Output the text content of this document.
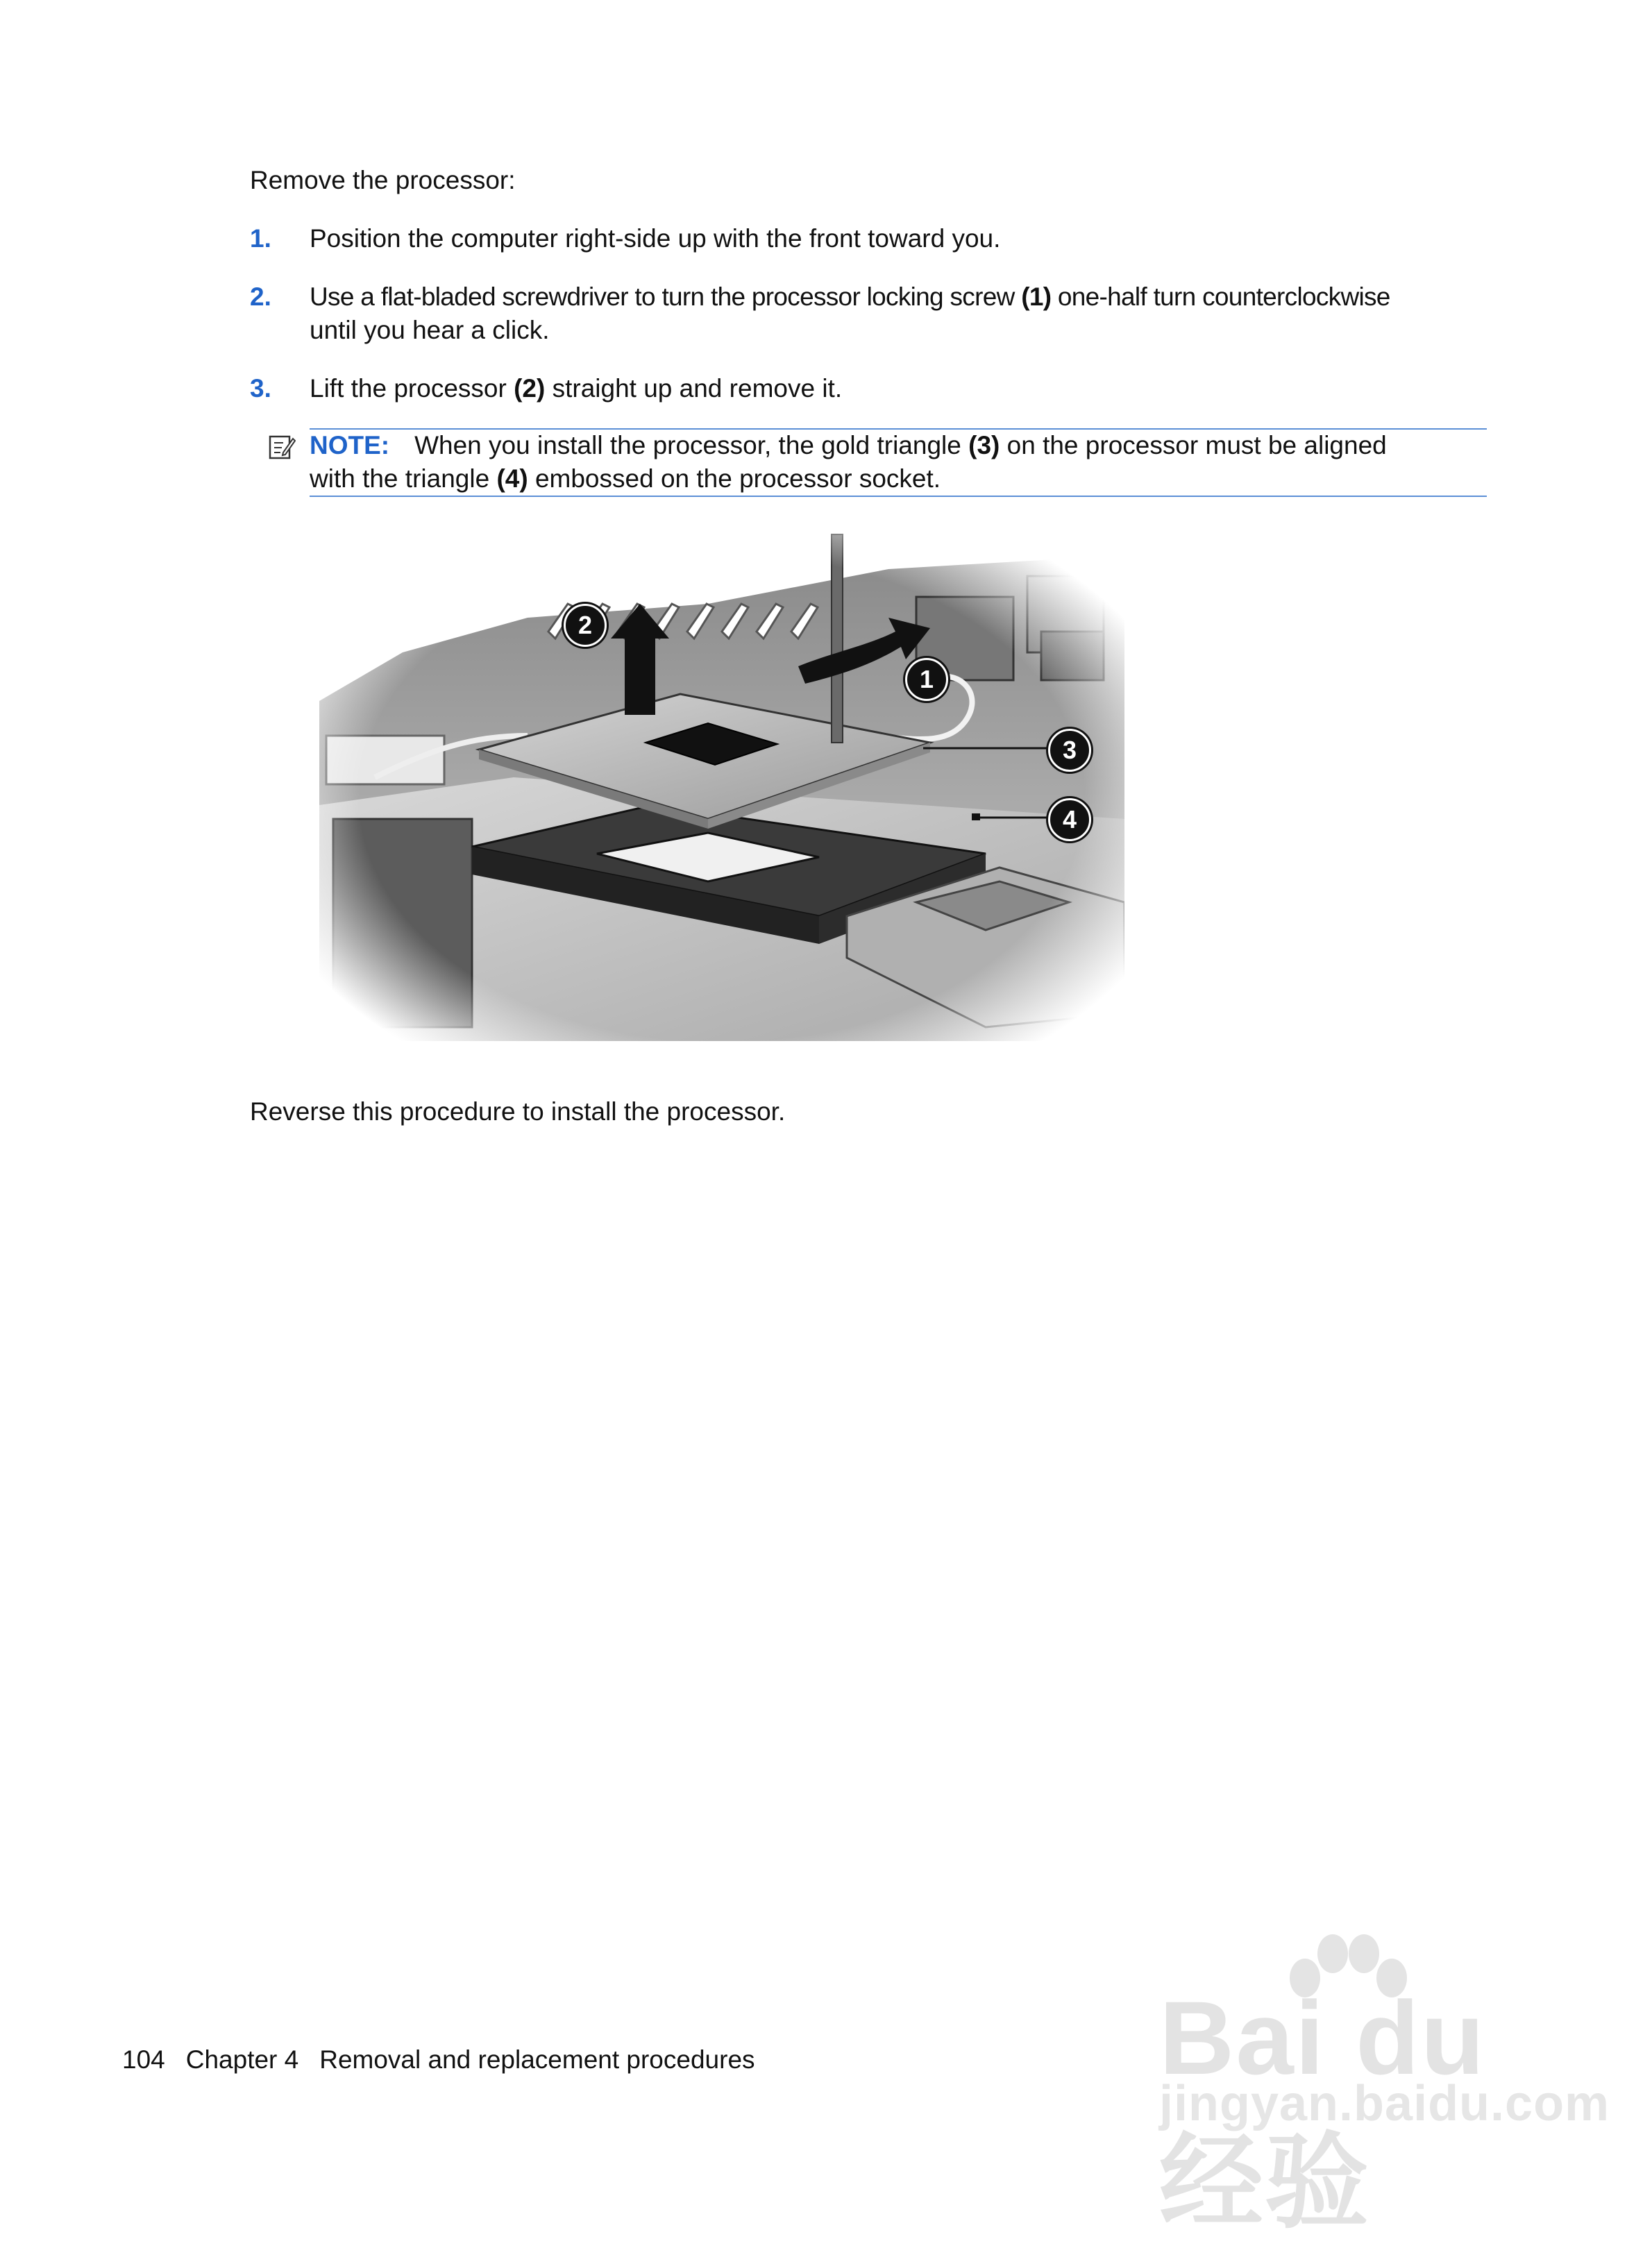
Remove the processor:
1. Position the computer right-side up with the front toward you.
2. Use a flat-bladed screwdriver to turn the processor locking screw (1) one-half turn counterclockwise
until you hear a click.
3. Lift the processor (2) straight up and remove it.
NOTE: When you install the processor, the gold triangle (3) on the processor must be aligned
with the triangle (4) embossed on the processor socket.
1
2
3
4
Reverse this procedure to install the processor.
104 Chapter 4 Removal and replacement procedures	Bai du 经验
jingyan.baidu.com
